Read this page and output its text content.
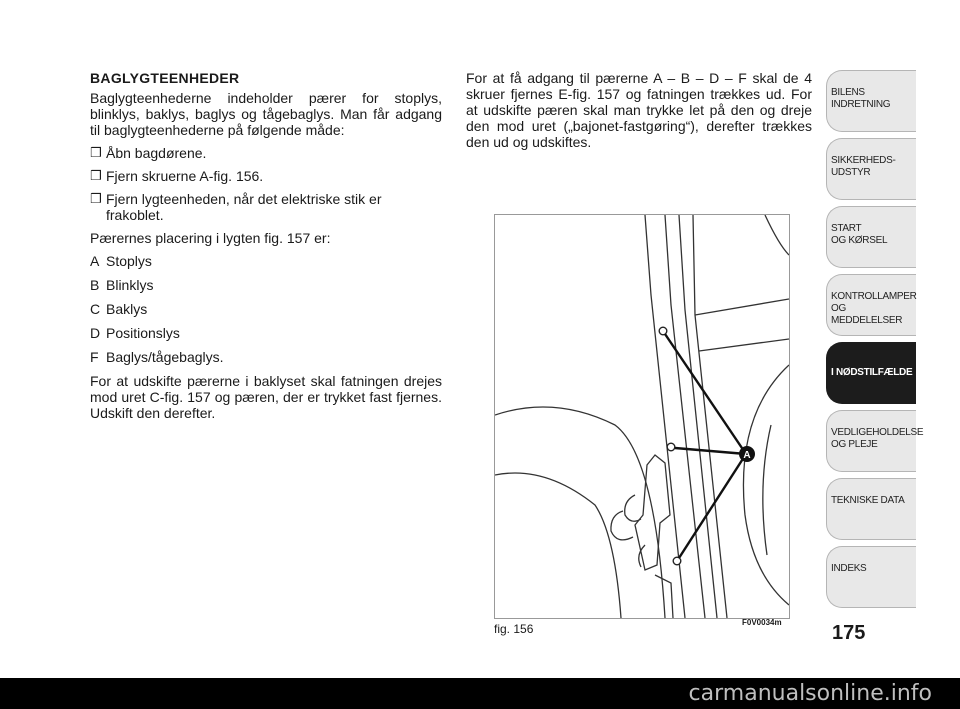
BAGLYGTEENHEDER

Baglygteenhederne indeholder pærer for stoplys, blinklys, baklys, baglys og tågebaglys. Man får adgang til baglygteenhederne på følgende måde:

❒ Åbn bagdørene.
❒ Fjern skruerne A-fig. 156.
❒ Fjern lygteenheden, når det elektriske stik er frakoblet.

Pærernes placering i lygten fig. 157 er:

A Stoplys
B Blinklys
C Baklys
D Positionslys
F Baglys/tågebaglys.

For at udskifte pærerne i baklyset skal fatningen drejes mod uret C-fig. 157 og pæren, der er trykket fast fjernes. Udskift den derefter.

For at få adgang til pærerne A – B – D – F skal de 4 skruer fjernes E-fig. 157 og fatningen trækkes ud. For at udskifte pæren skal man trykke let på den og dreje den mod uret („bajonet-fastgøring“), derefter trækkes den ud og udskiftes.

A
fig. 156	F0V0034m
BILENS
INDRETNING
SIKKERHEDS-
UDSTYR
START
OG KØRSEL
KONTROLLAMPER
OG MEDDELELSER
I NØDSTILFÆLDE
VEDLIGEHOLDELSE
OG PLEJE
TEKNISKE DATA
INDEKS
175
carmanualsonline.info
